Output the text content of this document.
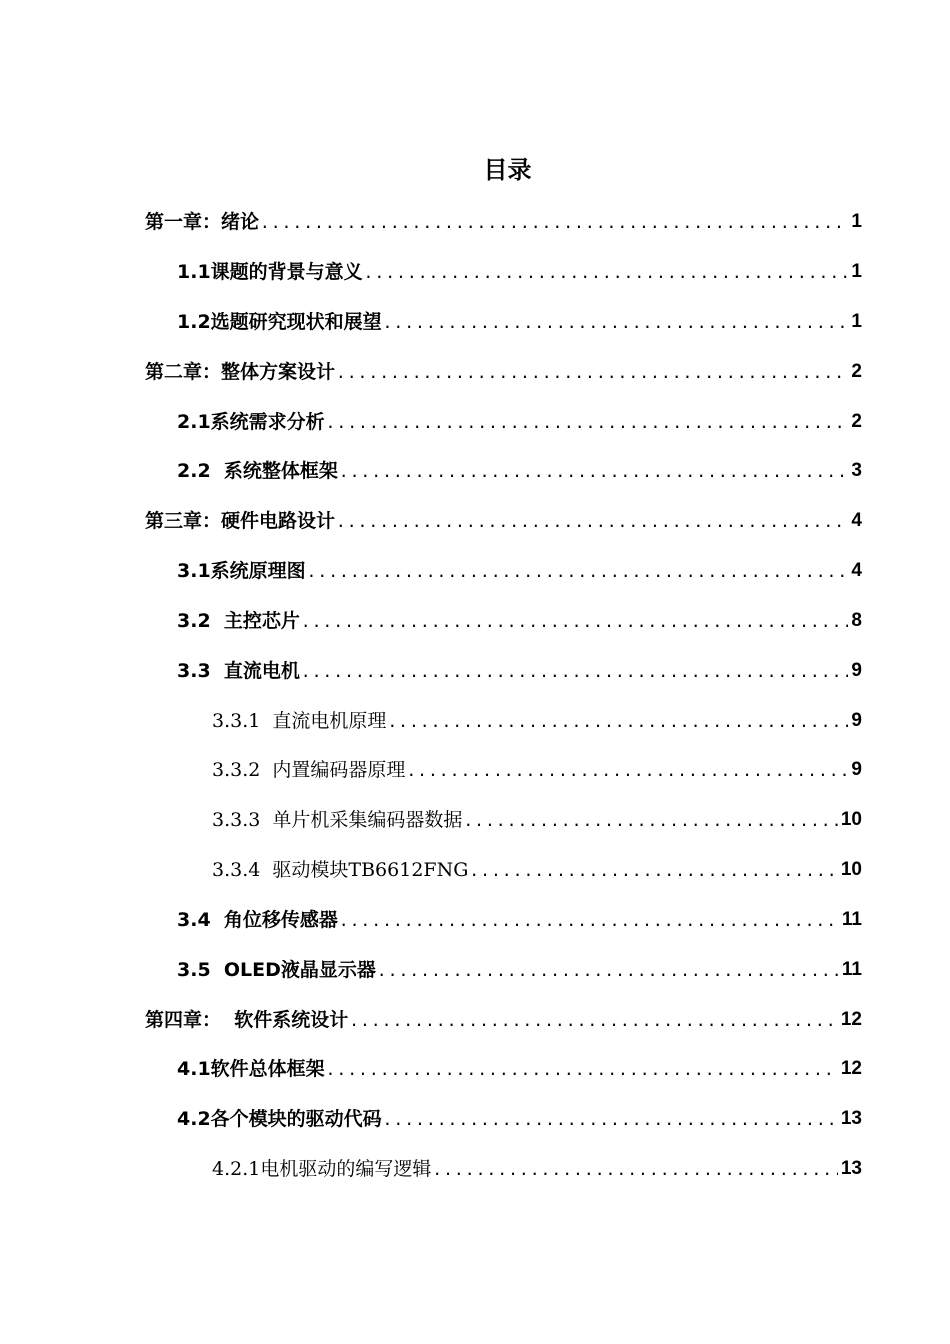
目录
第一章：绪论 .....	1
1.1课题的背景与意义 .....	1
1.2选题研究现状和展望 .....	1
第二章：整体方案设计 .....	2
2.1系统需求分析 .....	2
2.2  系统整体框架 .....	3
第三章：硬件电路设计 .....	4
3.1系统原理图 .....	4
3.2  主控芯片 .....	8
3.3  直流电机 .....	9
3.3.1  直流电机原理 .....	9
3.3.2  内置编码器原理 .....	9
3.3.3  单片机采集编码器数据 .....	10
3.3.4  驱动模块TB6612FNG .....	10
3.4  角位移传感器 .....	11
3.5  OLED液晶显示器 .....	11
第四章：  软件系统设计 .....	12
4.1软件总体框架 .....	12
4.2各个模块的驱动代码 .....	13
4.2.1电机驱动的编写逻辑 .....	13
